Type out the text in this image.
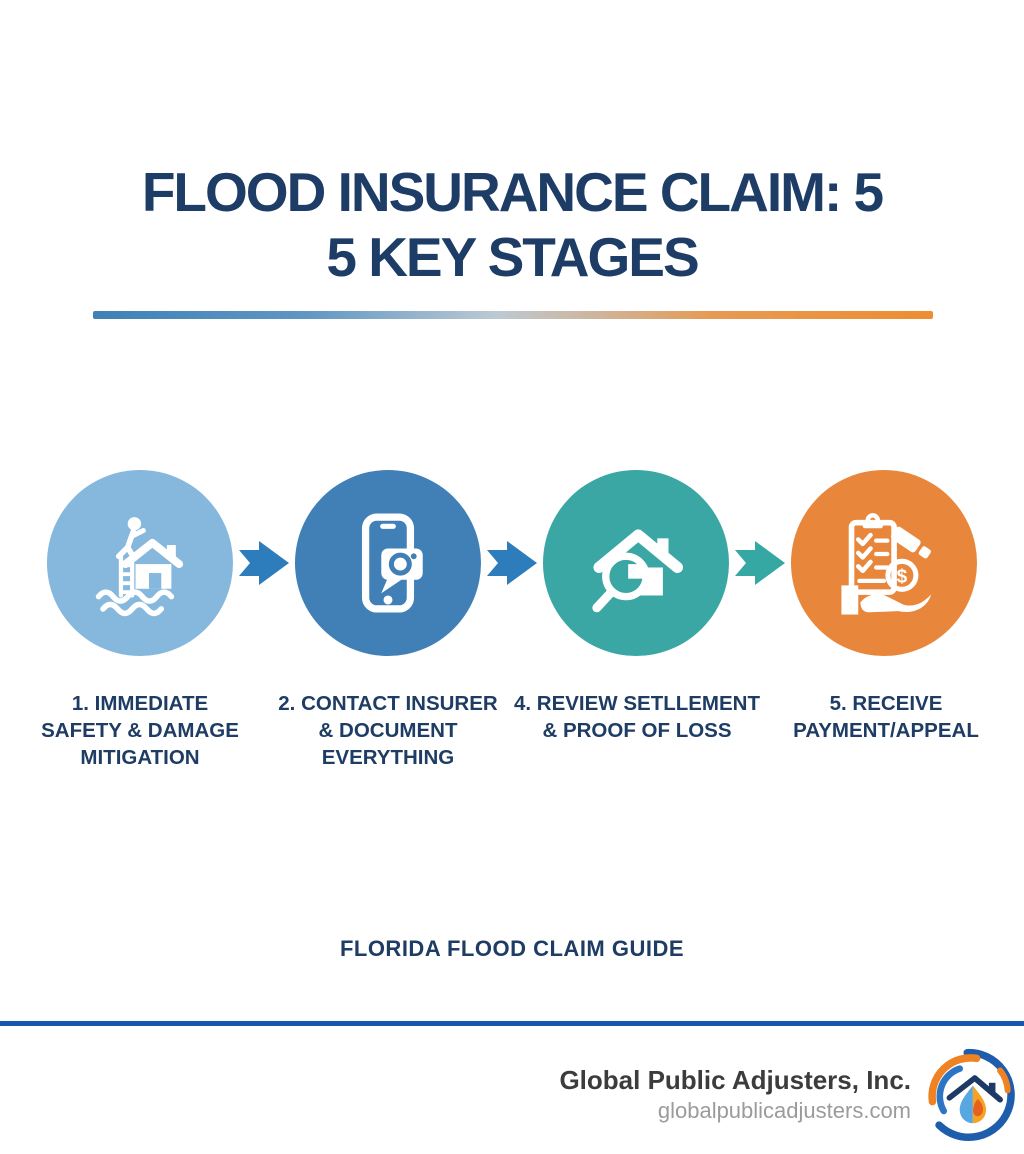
FLOOD INSURANCE CLAIM: 5
5 KEY STAGES
$
1. IMMEDIATE
SAFETY & DAMAGE
MITIGATION
2. CONTACT INSURER
& DOCUMENT
EVERYTHING
4. REVIEW SETLLEMENT
& PROOF OF LOSS
5. RECEIVE
PAYMENT/APPEAL
FLORIDA FLOOD CLAIM GUIDE
Global Public Adjusters, Inc.
globalpublicadjusters.com
